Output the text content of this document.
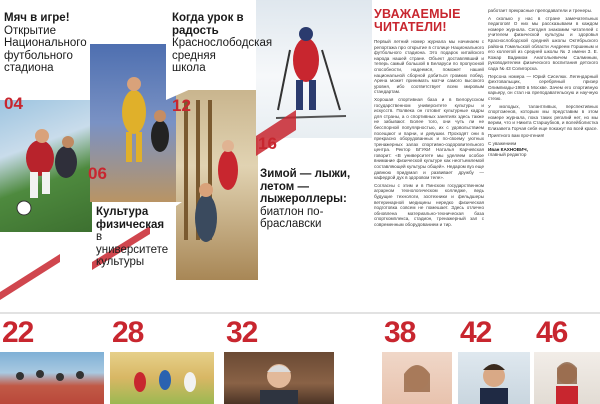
Мяч в игре!
Открытие Национального футбольного стадиона
04
06
Культура физическая
в университете культуры
Когда урок в радость
Краснослободская средняя школа
12
16
Зимой — лыжи, летом — лыжероллеры:
биатлон по-браславски
УВАЖАЕМЫЕ ЧИТАТЕЛИ!

Первый летний номер журнала мы начинаем с репортажа про открытие в столице Национального футбольного стадиона. Это подарок китайского народа нашей стране. Объект доставлявший и теперь самый большой в Беларуси по пропускной способности, надеемся, поможет нашей национальной сборной добиться громких побед. Арена может принимать матчи самого высокого уровня, ибо соответствует всем мировым стандартам.

Хорошая спортивная база и в Белорусском государственном университете культуры и искусств. Полвека он готовит культурные кадры для страны, а о спортивных занятиях здесь также не забывают. Более того, они чуть ли не бесспорной популярностью, их с удовольствием посещают и парни, и девушки. Проходят они в прекрасно оборудованных и по-своему уютных тренажерных залах спортивно-оздоровительного центра. Ректор БГУКИ Наталья Карчевская говорит: «В университете мы уделяем особое внимание физической культуре как неотъемлемой составляющей культуры общей». Недаром вуз еще давнюю придумал и развивает дружбу — кафедрой дух в здоровом теле».

Согласны с этим и в Пинском государственном аграрном технологическом колледже, ведь будущие технологи, зоотехники и фельдшеры ветеринарной медицины нередко физическая подготовка совсем не помешает. Здесь отлично обновлена материально-техническая база спорткомплекса, стадион, тренажерный зал с современным оборудованием и тир.

работает прекрасные преподаватели и тренеры.

А сколько у нас в стране замечательных педагогов! О них мы рассказываем в каждом номере журнала. Сегодня знакомим читателей с учителем физической культуры и здоровья Краснослободской средней школы Октябрьского района Гомельской области Андреем Горшиным и его коллегой из средней школы № 2 имени З. Е. Кожар Вадимом Анатольевичем Салминым, руководителем физического воспитания детского сада № 43 Солигорска.

Персона номера — Юрий Сиселюк. Легендарный фехтовальщик, серебряный призер Олимпиады-1980 в Москве. Зачем его спортивную карьеру, он стал на преподавательскую и научную стезю.

У молодых, талантливых, перспективных спортсменов, которым мы представим в этом номере журнала, пока таких регалий нет, но мы верим, что и Никита Старшубков, и волейболистка Елизавета Горчая себя еще покажут во всей красе.

Приятного вам прочтения!

С уважением

Иван КАХНОВИЧ,

главный редактор

22	28	32	38 42 46
